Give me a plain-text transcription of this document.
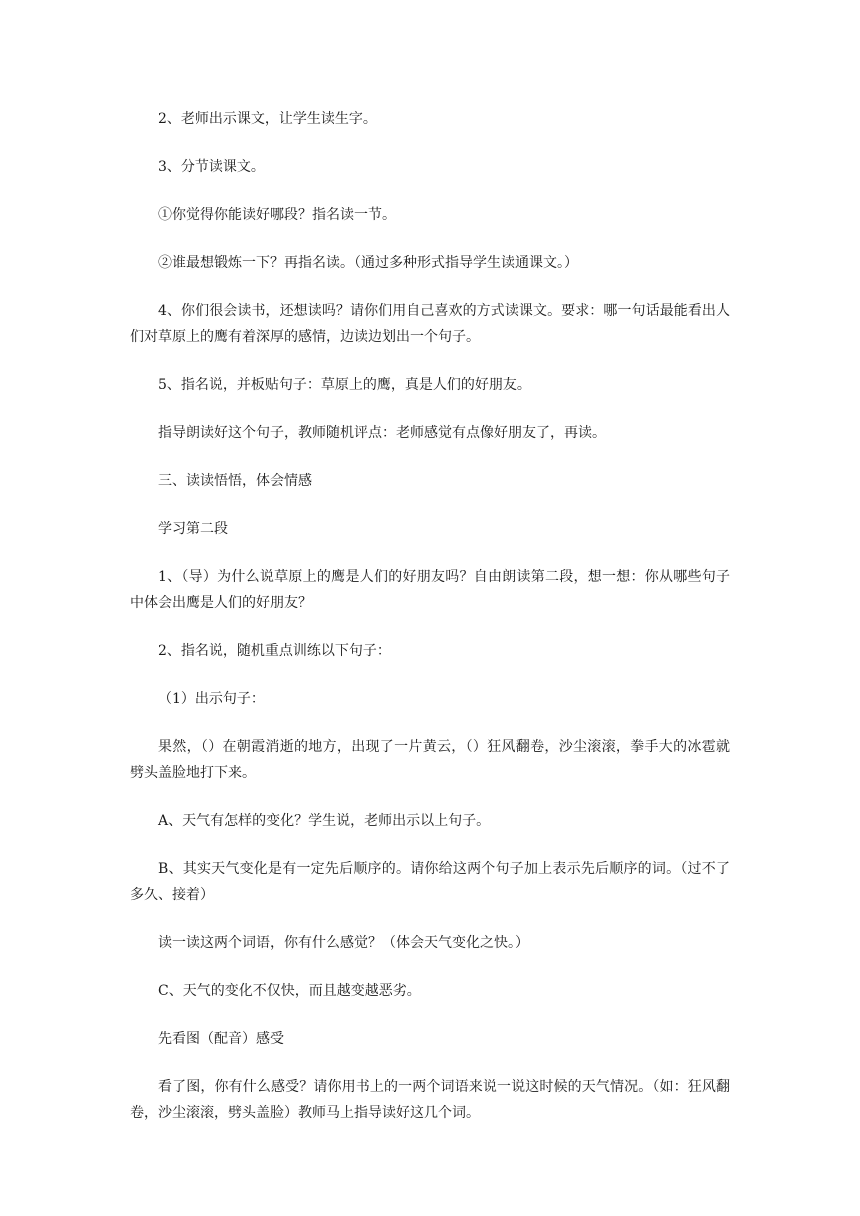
2、老师出示课文，让学生读生字。

3、分节读课文。

①你觉得你能读好哪段？指名读一节。

②谁最想锻炼一下？再指名读。（通过多种形式指导学生读通课文。）

4、你们很会读书，还想读吗？请你们用自己喜欢的方式读课文。要求：哪一句话最能看出人们对草原上的鹰有着深厚的感情，边读边划出一个句子。

5、指名说，并板贴句子：草原上的鹰，真是人们的好朋友。

指导朗读好这个句子，教师随机评点：老师感觉有点像好朋友了，再读。

三、读读悟悟，体会情感

学习第二段

1、（导）为什么说草原上的鹰是人们的好朋友吗？自由朗读第二段，想一想：你从哪些句子中体会出鹰是人们的好朋友？

2、指名说，随机重点训练以下句子：

（1）出示句子：

果然，（）在朝霞消逝的地方，出现了一片黄云，（）狂风翻卷，沙尘滚滚，拳手大的冰雹就劈头盖脸地打下来。

A、天气有怎样的变化？学生说，老师出示以上句子。

B、其实天气变化是有一定先后顺序的。请你给这两个句子加上表示先后顺序的词。（过不了多久、接着）

读一读这两个词语，你有什么感觉？（体会天气变化之快。）

C、天气的变化不仅快，而且越变越恶劣。

先看图（配音）感受

看了图，你有什么感受？请你用书上的一两个词语来说一说这时候的天气情况。（如：狂风翻卷，沙尘滚滚，劈头盖脸）教师马上指导读好这几个词。
